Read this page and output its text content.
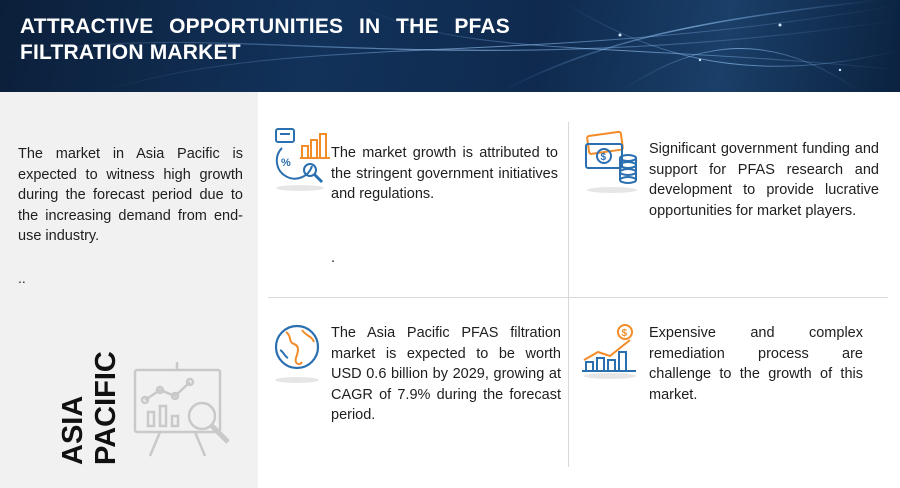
ATTRACTIVE OPPORTUNITIES IN THE PFAS FILTRATION MARKET
The market in Asia Pacific is expected to witness high growth during the forecast period due to the increasing demand from end-use industry.
..
ASIA PACIFIC
%
The market growth is attributed to the stringent government initiatives and regulations.
.
$
Significant government funding and support for PFAS research and development to provide lucrative opportunities for market players.
The Asia Pacific PFAS filtration market is expected to be worth USD 0.6 billion by 2029, growing at CAGR of 7.9% during the forecast period.
$ Expensive and complex remediation process are challenge to the growth of this market.
